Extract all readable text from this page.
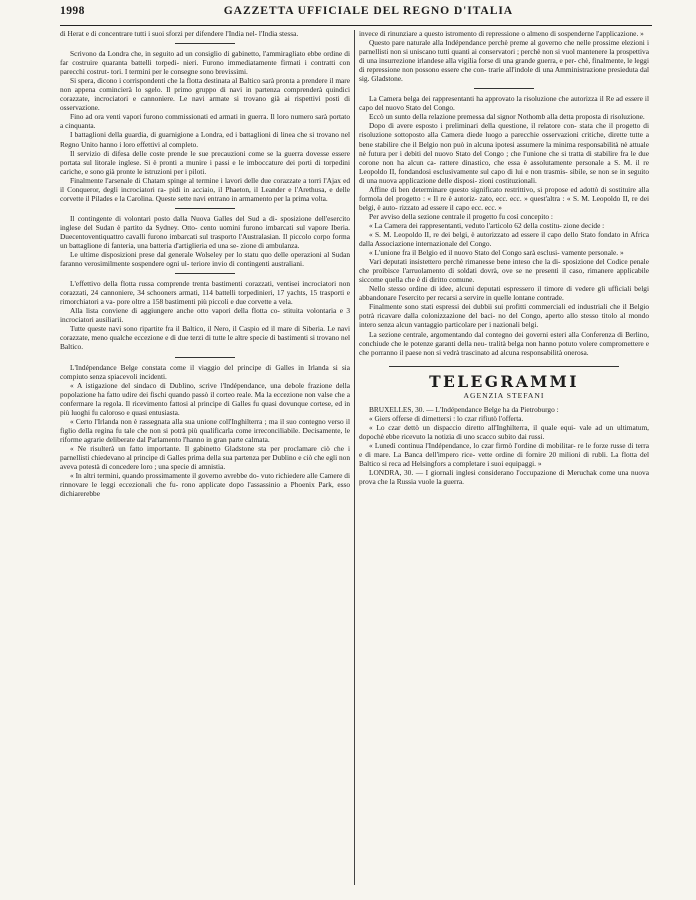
1998	GAZZETTA UFFICIALE DEL REGNO D'ITALIA

di Herat e di concentrare tutti i suoi sforzi per difendere l'India nel- l'India stessa.

Scrivono da Londra che, in seguito ad un consiglio di gabinetto, l'ammiragliato ebbe ordine di far costruire quaranta battelli torpedi- nieri. Furono immediatamente firmati i contratti con parecchi costrut- tori. I termini per le consegne sono brevissimi.

Si spera, dicono i corrispondenti che la flotta destinata al Baltico sarà pronta a prendere il mare non appena comincierà lo sgelo. Il primo gruppo di navi in partenza comprenderà quindici corazzate, incrociatori e cannoniere. Le navi armate si trovano già ai rispettivi posti di osservazione.

Fino ad ora venti vapori furono commissionati ed armati in guerra. Il loro numero sarà portato a cinquanta.

I battaglioni della guardia, di guarnigione a Londra, ed i battaglioni di linea che si trovano nel Regno Unito hanno i loro effettivi al completo.

Il servizio di difesa delle coste prende le sue precauzioni come se la guerra dovesse essere portata sul litorale inglese. Si è pronti a munire i passi e le imboccature dei porti di torpedini cariche, e sono già pronte le istruzioni per i piloti.

Finalmente l'arsenale di Chatam spinge al termine i lavori delle due corazzate a torri l'Ajax ed il Conqueror, degli incrociatori ra- pidi in acciaio, il Phaeton, il Leander e l'Arethusa, e delle corvette il Pilades e la Carolina. Queste sette navi entrano in armamento per la prima volta.

Il contingente di volontari posto dalla Nuova Galles del Sud a di- sposizione dell'esercito inglese del Sudan è partito da Sydney. Otto- cento uomini furono imbarcati sul vapore Iberia. Duecentoventiquattro cavalli furono imbarcati sul trasporto l'Australasian. Il piccolo corpo forma un battaglione di fanteria, una batteria d'artiglieria ed una se- zione di ambulanza.

Le ultime disposizioni prese dal generale Wolseley per lo statu quo delle operazioni al Sudan faranno verosimilmente sospendere ogni ul- teriore invio di contingenti australiani.

L'effettivo della flotta russa comprende trenta bastimenti corazzati, ventisei incrociatori non corazzati, 24 cannoniere, 34 schooners armati, 114 battelli torpedinieri, 17 yachts, 15 trasporti e rimorchiatori a va- pore oltre a 158 bastimenti più piccoli e due corvette a vela.

Alla lista conviene di aggiungere anche otto vapori della flotta co- stituita volontaria e 3 incrociatori ausiliarii.

Tutte queste navi sono ripartite fra il Baltico, il Nero, il Caspio ed il mare di Siberia. Le navi corazzate, meno qualche eccezione e di due terzi di tutte le altre specie di bastimenti si trovano nel Baltico.

L'Indépendance Belge constata come il viaggio del principe di Galles in Irlanda si sia compiuto senza spiacevoli incidenti.

« A istigazione del sindaco di Dublino, scrive l'Indépendance, una debole frazione della popolazione ha fatto udire dei fischi quando passò il corteo reale. Ma la eccezione non valse che a confermare la regola. Il ricevimento fattosi al principe di Galles fu quasi dovunque cortese, ed in più luoghi fu caloroso e quasi entusiasta.

« Certo l'Irlanda non è rassegnata alla sua unione coll'Inghilterra ; ma il suo contegno verso il figlio della regina fu tale che non si potrà più qualificarla come irreconciliabile. Decisamente, le riforme agrarie deliberate dal Parlamento l'hanno in gran parte calmata.

« Ne risulterà un fatto importante. Il gabinetto Gladstone sta per proclamare ciò che i parnellisti chiedevano al principe di Galles prima della sua partenza per Dublino e ciò che egli non aveva potestà di concedere loro ; una specie di amnistia.

« In altri termini, quando prossimamente il governo avrebbe do- vuto richiedere alle Camere di rinnovare le leggi eccezionali che fu- rono applicate dopo l'assassinio a Phoenix Park, esso dichiarerebbe

invece di rinunziare a questo istromento di repressione o almeno di sospenderne l'applicazione. »

Questo pare naturale alla Indépendance perchè preme al governo che nelle prossime elezioni i parnellisti non si uniscano tutti quanti ai conservatori ; perchè non si vuol mantenere la prospettiva di una insurrezione irlandese alla vigilia forse di una grande guerra, e per- chè, finalmente, le leggi di repressione non possono essere che con- trarie all'indole di una Amministrazione presieduta dal sig. Gladstone.

La Camera belga dei rappresentanti ha approvato la risoluzione che autorizza il Re ad essere il capo del nuovo Stato del Congo.

Eccò un sunto della relazione premessa dal signor Nothomb alla detta proposta di risoluzione.

Dopo di avere esposto i preliminari della questione, il relatore con- stata che il progetto di risoluzione sottoposto alla Camera diede luogo a parecchie osservazioni critiche, dirette tutte a bene stabilire che il Belgio non può in alcuna ipotesi assumere la minima responsabilità nè attuale nè futura per i debiti del nuovo Stato del Congo ; che l'unione che si tratta di stabilire fra le due corone non ha alcun ca- rattere dinastico, che essa è assolutamente personale a S. M. il re Leopoldo II, fondandosi esclusivamente sul capo di lui e non trasmis- sibile, se non se in seguito di una nuova applicazione delle disposi- zioni costituzionali.

Affine di ben determinare questo significato restrittivo, si propose ed adottò di sostituire alla formola del progetto : « Il re è autoriz- zato, ecc. ecc. » quest'altra : « S. M. Leopoldo II, re dei belgi, è auto- rizzato ad essere il capo ecc. ecc. »

Per avviso della sezione centrale il progetto fu così concepito :

« La Camera dei rappresentanti, veduto l'articolo 62 della costitu- zione decide :

« S. M. Leopoldo II, re dei belgi, è autorizzato ad essere il capo dello Stato fondato in Africa dalla Associazione internazionale del Congo.

« L'unione fra il Belgio ed il nuovo Stato del Congo sarà esclusi- vamente personale. »

Vari deputati insistettero perchè rimanesse bene inteso che la di- sposizione del Codice penale che proibisce l'arruolamento di soldati dovrà, ove se ne presenti il caso, rimanere applicabile siccome quella che è di diritto comune.

Nello stesso ordine di idee, alcuni deputati espressero il timore di vedere gli ufficiali belgi abbandonare l'esercito per recarsi a servire in quelle lontane contrade.

Finalmente sono stati espressi dei dubbii sui profitti commerciali ed industriali che il Belgio potrà ricavare dalla colonizzazione del baci- no del Congo, aperto allo stesso titolo al mondo intero senza alcun vantaggio particolare per i nazionali belgi.

La sezione centrale, argomentando dal contegno dei governi esteri alla Conferenza di Berlino, conchiude che le potenze garanti della neu- tralità belga non hanno potuto volere compromettere e che porranno il paese non si vedrà trascinato ad alcuna responsabilità onerosa.

TELEGRAMMI
AGENZIA STEFANI

BRUXELLES, 30. — L'Indépendance Belge ha da Pietroburgo :

« Giers offerse di dimettersi : lo czar rifiutò l'offerta.

« Lo czar dettò un dispaccio diretto all'Inghilterra, il quale equi- vale ad un ultimatum, dopochè ebbe ricevuto la notizia di uno scacco subito dai russi.

« Lunedì continua l'Indépendance, lo czar firmò l'ordine di mobilitar- re le forze russe di terra e di mare. La Banca dell'impero rice- vette ordine di fornire 20 milioni di rubli. La flotta del Baltico si reca ad Helsingfors a completare i suoi equipaggi. »

LONDRA, 30. — I giornali inglesi considerano l'occupazione di Meruchak come una nuova prova che la Russia vuole la guerra.
